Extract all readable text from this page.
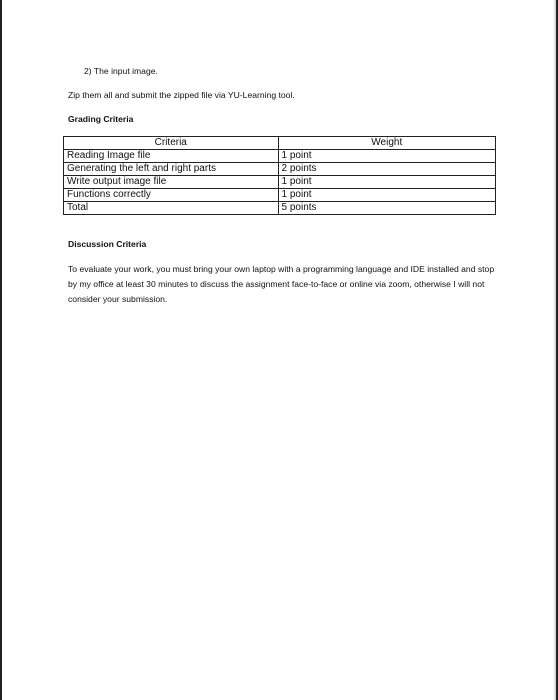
2) The input image.
Zip them all and submit the zipped file via YU-Learning tool.
Grading Criteria
Criteria	Weight
Reading Image file	1 point
Generating the left and right parts	2 points
Write output image file	1 point
Functions correctly	1 point
Total	5 points
Discussion Criteria
To evaluate your work, you must bring your own laptop with a programming language and IDE installed and stop by my office at least 30 minutes to discuss the assignment face-to-face or online via zoom, otherwise I will not consider your submission.
